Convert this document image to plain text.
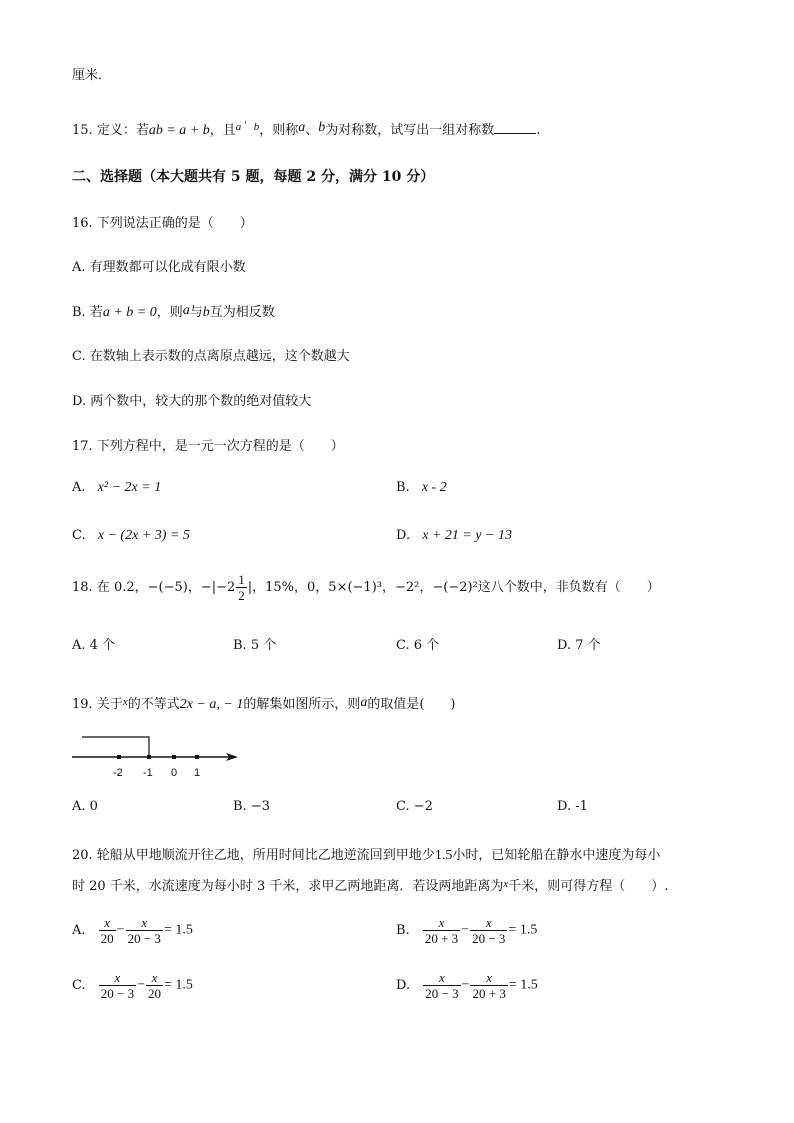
厘米．
15. 定义：若ab = a + b，且$^a$ ' $^b$，则称a、b为对称数，试写出一组对称数	.
二、选择题（本大题共有 5 题，每题 2 分，满分 10 分）
16. 下列说法正确的是（　　）
A. 有理数都可以化成有限小数
B. 若a + b = 0，则a与b互为相反数
C. 在数轴上表示数的点离原点越远，这个数越大
D. 两个数中，较大的那个数的绝对值较大
17. 下列方程中，是一元一次方程的是（　　）
A. x² − 2x = 1	B. x - 2
C. x − (2x + 3) = 5	D. x + 21 = y − 13
18. 在 0.2，−(−5)，$-|-2 \frac{1}{2}$ |，15%，0，5×(−1)³，−2²，−(−2)²这八个数中，非负数有（　　）
A. 4 个	B. 5 个	C. 6 个	D. 7 个
19. 关于$^x$的不等式2x − a, − 1的解集如图所示，则a的取值是(　　)
-2 -1 0 1
A. 0	B. −3	C. −2	D. -1
20. 轮船从甲地顺流开往乙地，所用时间比乙地逆流回到甲地少1.5小时，已知轮船在静水中速度为每小
时 20 千米，水流速度为每小时 3 千米，求甲乙两地距离．若设两地距离为$^x$千米，则可得方程（　　）.
A. $\frac{x}{20} - \frac{x}{20 - 3} = 1.5$	B. $\frac{x}{20 + 3} - \frac{x}{20 - 3} = 1.5$
C. $\frac{x}{20 - 3} - \frac{x}{20} = 1.5$	D. $\frac{x}{20 - 3} - \frac{x}{20 + 3} = 1.5$
